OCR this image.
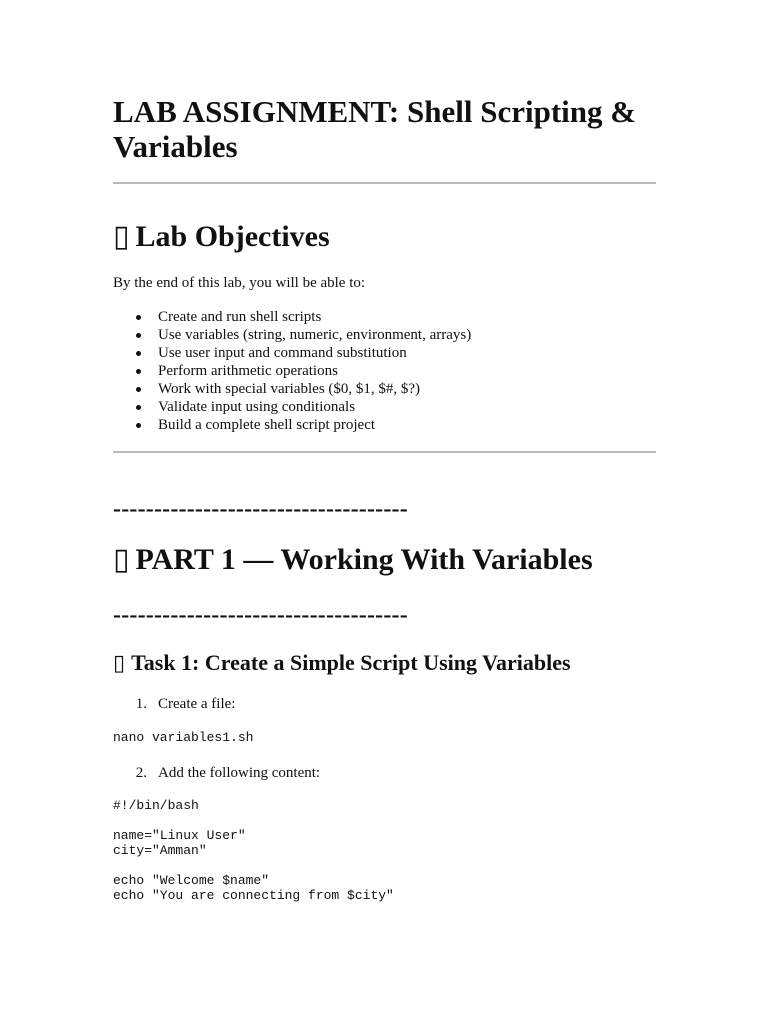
LAB ASSIGNMENT: Shell Scripting & Variables
▯ Lab Objectives

By the end of this lab, you will be able to:

Create and run shell scripts
Use variables (string, numeric, environment, arrays)
Use user input and command substitution
Perform arithmetic operations
Work with special variables ($0, $1, $#, $?)
Validate input using conditionals
Build a complete shell script project
------------------------------------
▯ PART 1 — Working With Variables
------------------------------------
▯ Task 1: Create a Simple Script Using Variables
1. Create a file:
nano variables1.sh
2. Add the following content:
#!/bin/bash

name="Linux User"
city="Amman"

echo "Welcome $name"
echo "You are connecting from $city"
